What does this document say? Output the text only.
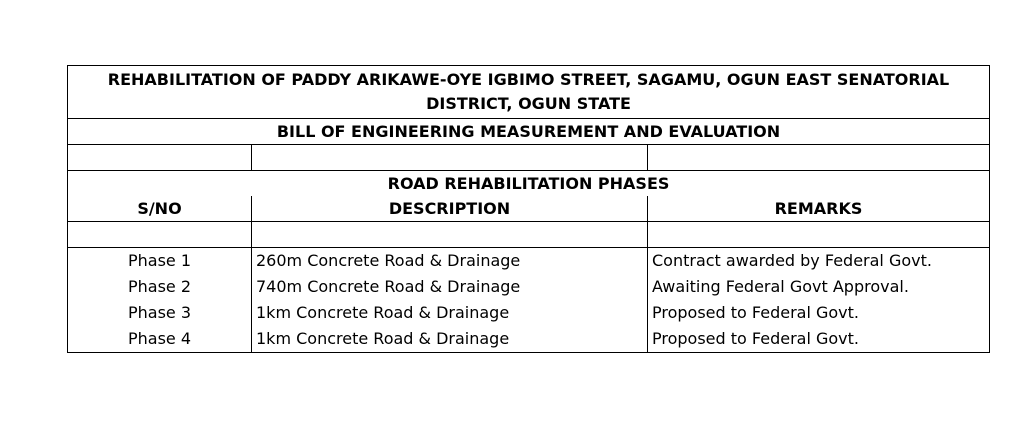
REHABILITATION OF PADDY ARIKAWE-OYE IGBIMO STREET, SAGAMU, OGUN EAST SENATORIAL DISTRICT, OGUN STATE		
BILL OF ENGINEERING MEASUREMENT AND EVALUATION		

ROAD REHABILITATION PHASES		
S/NO	DESCRIPTION	REMARKS

Phase 1	260m Concrete Road & Drainage	Contract awarded by Federal Govt.
Phase 2	740m Concrete Road & Drainage	Awaiting Federal Govt Approval.
Phase 3	1km Concrete Road & Drainage	Proposed to Federal Govt.
Phase 4	1km Concrete Road & Drainage	Proposed to Federal Govt.
